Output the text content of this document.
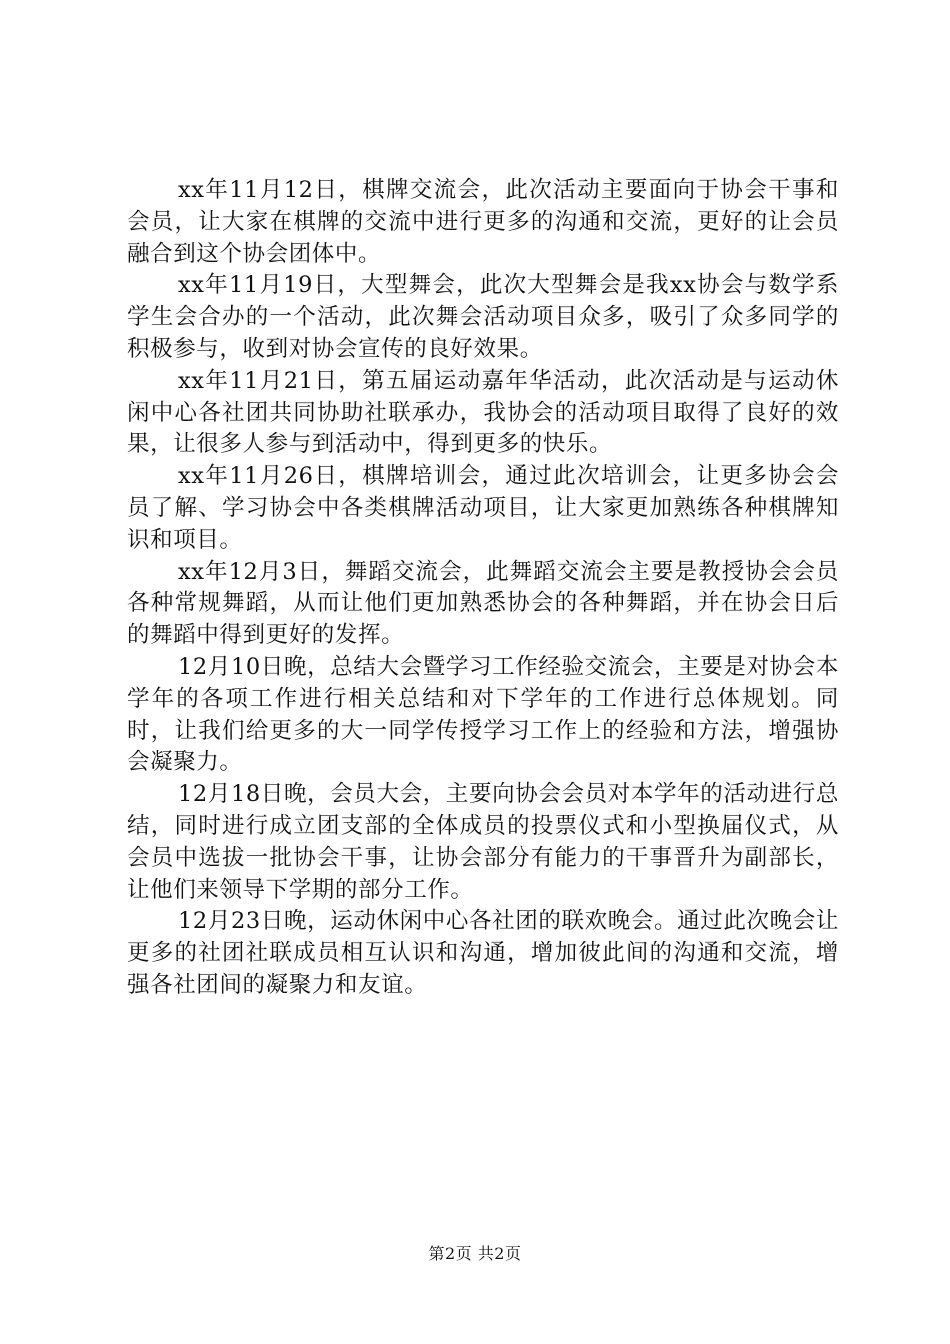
xx年11月12日，棋牌交流会，此次活动主要面向于协会干事和会员，让大家在棋牌的交流中进行更多的沟通和交流，更好的让会员融合到这个协会团体中。

xx年11月19日，大型舞会，此次大型舞会是我xx协会与数学系学生会合办的一个活动，此次舞会活动项目众多，吸引了众多同学的积极参与，收到对协会宣传的良好效果。

xx年11月21日，第五届运动嘉年华活动，此次活动是与运动休闲中心各社团共同协助社联承办，我协会的活动项目取得了良好的效果，让很多人参与到活动中，得到更多的快乐。

xx年11月26日，棋牌培训会，通过此次培训会，让更多协会会员了解、学习协会中各类棋牌活动项目，让大家更加熟练各种棋牌知识和项目。

xx年12月3日，舞蹈交流会，此舞蹈交流会主要是教授协会会员各种常规舞蹈，从而让他们更加熟悉协会的各种舞蹈，并在协会日后的舞蹈中得到更好的发挥。

12月10日晚，总结大会暨学习工作经验交流会，主要是对协会本学年的各项工作进行相关总结和对下学年的工作进行总体规划。同时，让我们给更多的大一同学传授学习工作上的经验和方法，增强协会凝聚力。

12月18日晚，会员大会，主要向协会会员对本学年的活动进行总结，同时进行成立团支部的全体成员的投票仪式和小型换届仪式，从会员中选拔一批协会干事，让协会部分有能力的干事晋升为副部长，让他们来领导下学期的部分工作。

12月23日晚，运动休闲中心各社团的联欢晚会。通过此次晚会让更多的社团社联成员相互认识和沟通，增加彼此间的沟通和交流，增强各社团间的凝聚力和友谊。

第2页 共2页
